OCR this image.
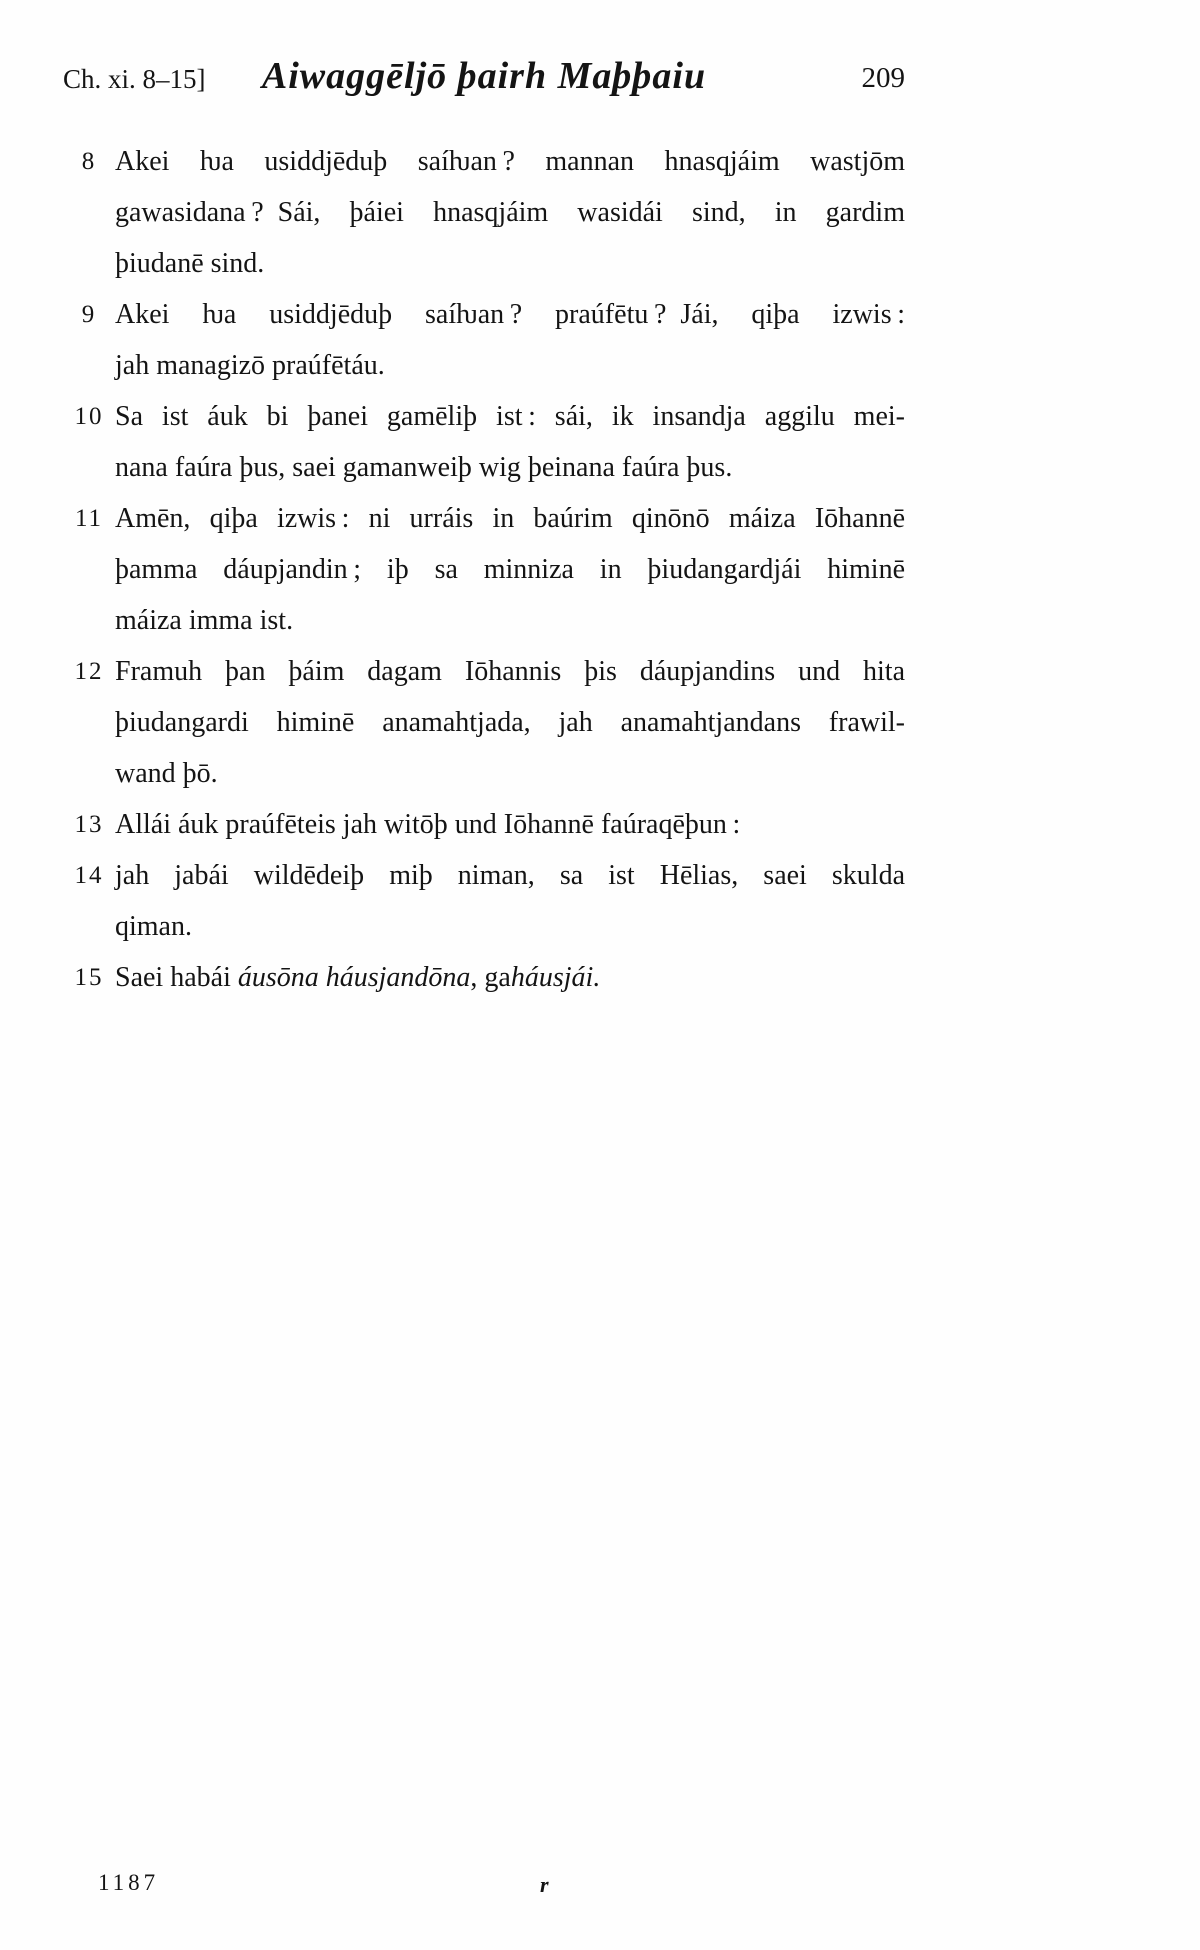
Ch. xi. 8–15]	Aiwaggēljō þairh Maþþaiu	209
8 Akei ƕa usiddjēduþ saíƕan ? mannan hnasqjáim wastjōm
gawasidana ? Sái, þáiei hnasqjáim wasidái sind, in gardim
þiudanē sind.
9 Akei ƕa usiddjēduþ saíƕan ? praúfētu ? Jái, qiþa izwis :
jah managizō praúfētáu.
10 Sa ist áuk bi þanei gamēliþ ist : sái, ik insandja aggilu mei-
nana faúra þus, saei gamanweiþ wig þeinana faúra þus.
11 Amēn, qiþa izwis : ni urráis in baúrim qinōnō máiza Iōhannē
þamma dáupjandin ; iþ sa minniza in þiudangardjái himinē
máiza imma ist.
12 Framuh þan þáim dagam Iōhannis þis dáupjandins und hita
þiudangardi himinē anamahtjada, jah anamahtjandans frawil-
wand þō.
13 Allái áuk praúfēteis jah witōþ und Iōhannē faúraqēþun :
14 jah jabái wildēdeiþ miþ niman, sa ist Hēlias, saei skulda
qiman.
15 Saei habái áusōna háusjandōna, gaháusjái.
1187	r
